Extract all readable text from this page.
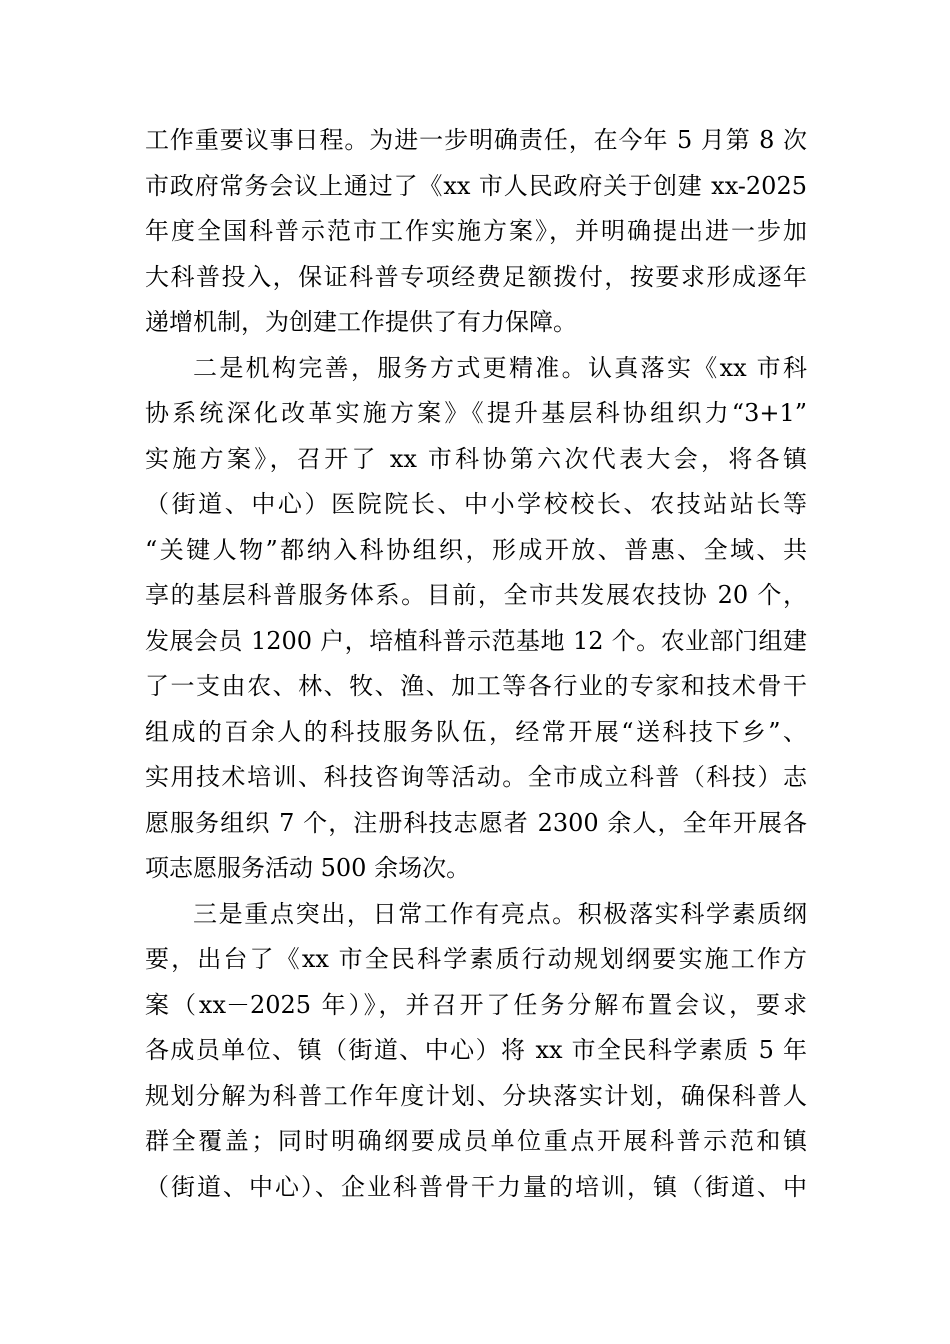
工作重要议事日程。为进一步明确责任，在今年 5 月第 8 次
市政府常务会议上通过了《xx 市人民政府关于创建 xx-2025
年度全国科普示范市工作实施方案》，并明确提出进一步加
大科普投入，保证科普专项经费足额拨付，按要求形成逐年
递增机制，为创建工作提供了有力保障。
二是机构完善，服务方式更精准。认真落实《xx 市科
协系统深化改革实施方案》《提升基层科协组织力“3+1”
实施方案》，召开了 xx 市科协第六次代表大会，将各镇
（街道、中心）医院院长、中小学校校长、农技站站长等
“关键人物”都纳入科协组织，形成开放、普惠、全域、共
享的基层科普服务体系。目前，全市共发展农技协 20 个，
发展会员 1200 户，培植科普示范基地 12 个。农业部门组建
了一支由农、林、牧、渔、加工等各行业的专家和技术骨干
组成的百余人的科技服务队伍，经常开展“送科技下乡”、
实用技术培训、科技咨询等活动。全市成立科普（科技）志
愿服务组织 7 个，注册科技志愿者 2300 余人，全年开展各
项志愿服务活动 500 余场次。
三是重点突出，日常工作有亮点。积极落实科学素质纲
要，出台了《xx 市全民科学素质行动规划纲要实施工作方
案（xx－2025 年）》，并召开了任务分解布置会议，要求
各成员单位、镇（街道、中心）将 xx 市全民科学素质 5 年
规划分解为科普工作年度计划、分块落实计划，确保科普人
群全覆盖；同时明确纲要成员单位重点开展科普示范和镇
（街道、中心）、企业科普骨干力量的培训，镇（街道、中
